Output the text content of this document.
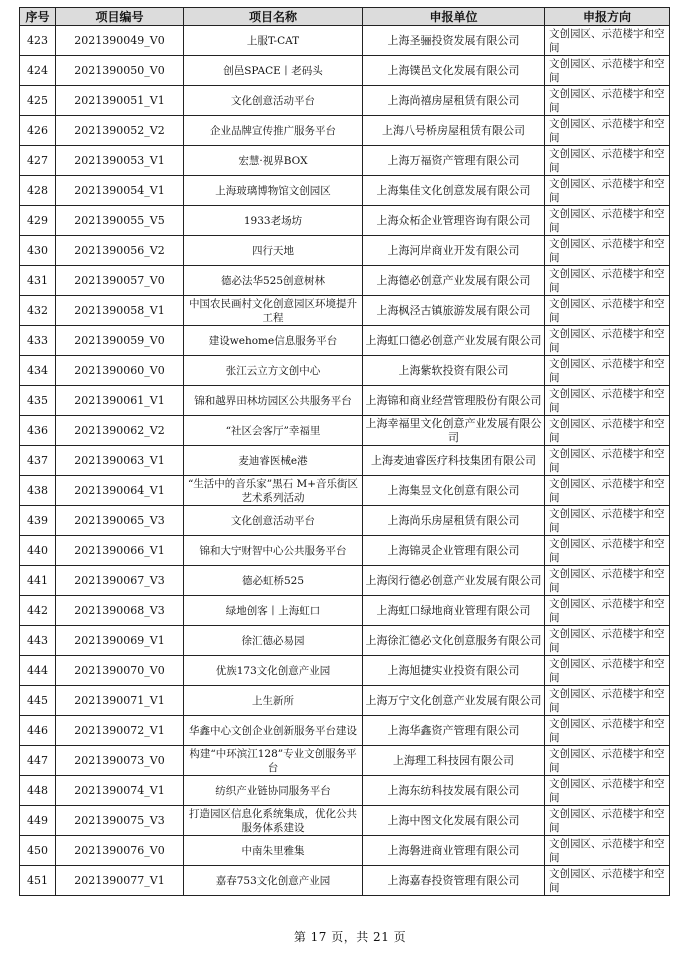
序号	项目编号	项目名称	申报单位	申报方向
423	2021390049_V0	上服T-CAT	上海圣骊投资发展有限公司	文创园区、示范楼宇和空间
424	2021390050_V0	创邑SPACE丨老码头	上海镤邑文化发展有限公司	文创园区、示范楼宇和空间
425	2021390051_V1	文化创意活动平台	上海尚禧房屋租赁有限公司	文创园区、示范楼宇和空间
426	2021390052_V2	企业品牌宣传推广服务平台	上海八号桥房屋租赁有限公司	文创园区、示范楼宇和空间
427	2021390053_V1	宏慧·视界BOX	上海万福资产管理有限公司	文创园区、示范楼宇和空间
428	2021390054_V1	上海玻璃博物馆文创园区	上海集佳文化创意发展有限公司	文创园区、示范楼宇和空间
429	2021390055_V5	1933老场坊	上海众柘企业管理咨询有限公司	文创园区、示范楼宇和空间
430	2021390056_V2	四行天地	上海河岸商业开发有限公司	文创园区、示范楼宇和空间
431	2021390057_V0	德必法华525创意树林	上海德必创意产业发展有限公司	文创园区、示范楼宇和空间
432	2021390058_V1	中国农民画村文化创意园区环境提升工程	上海枫泾古镇旅游发展有限公司	文创园区、示范楼宇和空间
433	2021390059_V0	建设wehome信息服务平台	上海虹口德必创意产业发展有限公司	文创园区、示范楼宇和空间
434	2021390060_V0	张江云立方文创中心	上海紫软投资有限公司	文创园区、示范楼宇和空间
435	2021390061_V1	锦和越界田林坊园区公共服务平台	上海锦和商业经营管理股份有限公司	文创园区、示范楼宇和空间
436	2021390062_V2	“社区会客厅”幸福里	上海幸福里文化创意产业发展有限公司	文创园区、示范楼宇和空间
437	2021390063_V1	麦迪睿医械e港	上海麦迪睿医疗科技集团有限公司	文创园区、示范楼宇和空间
438	2021390064_V1	“生活中的音乐家”黑石 M+音乐街区艺术系列活动	上海集昱文化创意有限公司	文创园区、示范楼宇和空间
439	2021390065_V3	文化创意活动平台	上海尚乐房屋租赁有限公司	文创园区、示范楼宇和空间
440	2021390066_V1	锦和大宁财智中心公共服务平台	上海锦灵企业管理有限公司	文创园区、示范楼宇和空间
441	2021390067_V3	德必虹桥525	上海闵行德必创意产业发展有限公司	文创园区、示范楼宇和空间
442	2021390068_V3	绿地创客丨上海虹口	上海虹口绿地商业管理有限公司	文创园区、示范楼宇和空间
443	2021390069_V1	徐汇德必易园	上海徐汇德必文化创意服务有限公司	文创园区、示范楼宇和空间
444	2021390070_V0	优族173文化创意产业园	上海旭捷实业投资有限公司	文创园区、示范楼宇和空间
445	2021390071_V1	上生新所	上海万宁文化创意产业发展有限公司	文创园区、示范楼宇和空间
446	2021390072_V1	华鑫中心文创企业创新服务平台建设	上海华鑫资产管理有限公司	文创园区、示范楼宇和空间
447	2021390073_V0	构建“中环滨江128”专业文创服务平台	上海理工科技园有限公司	文创园区、示范楼宇和空间
448	2021390074_V1	纺织产业链协同服务平台	上海东纺科技发展有限公司	文创园区、示范楼宇和空间
449	2021390075_V3	打造园区信息化系统集成，优化公共服务体系建设	上海中图文化发展有限公司	文创园区、示范楼宇和空间
450	2021390076_V0	中南朱里雅集	上海磐进商业管理有限公司	文创园区、示范楼宇和空间
451	2021390077_V1	嘉春753文化创意产业园	上海嘉春投资管理有限公司	文创园区、示范楼宇和空间
第 17 页，共 21 页
